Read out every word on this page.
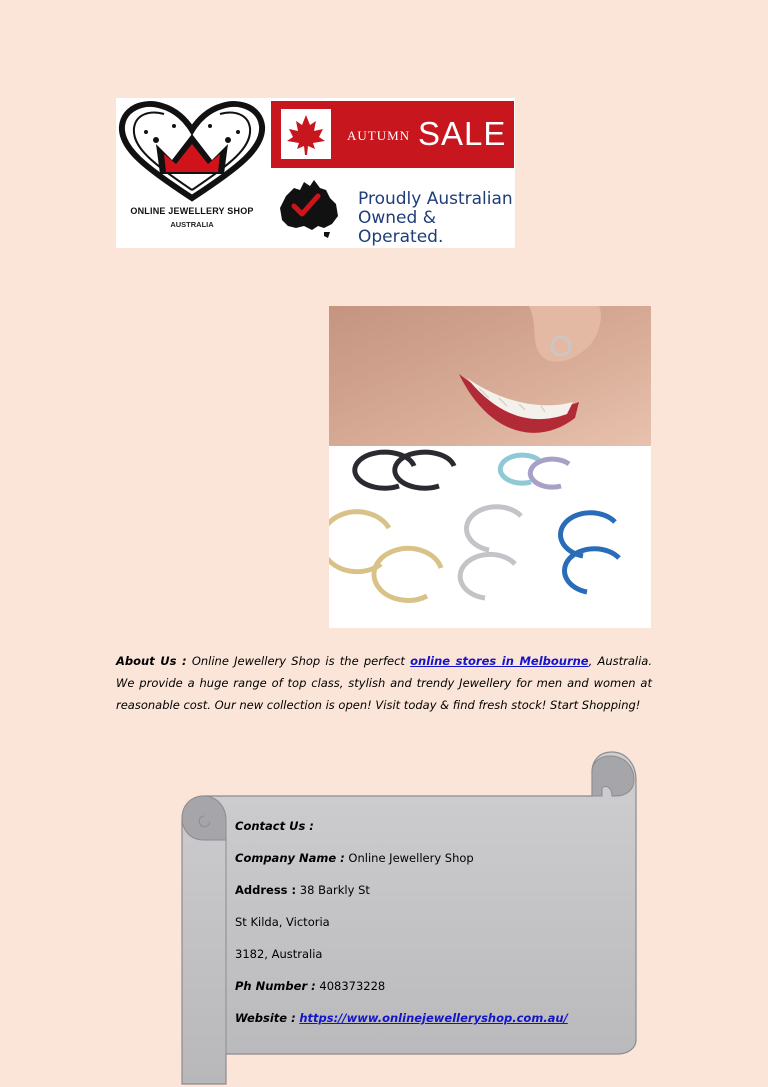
ONLINE JEWELLERY SHOP
AUSTRALIA
AUTUMN SALE
Proudly Australian
Owned & Operated.

About Us : Online Jewellery Shop is the perfect online stores in Melbourne, Australia. We provide a huge range of top class, stylish and trendy Jewellery for men and women at reasonable cost. Our new collection is open! Visit today & find fresh stock! Start Shopping!

Contact Us :
Company Name : Online Jewellery Shop
Address : 38 Barkly St
St Kilda, Victoria
3182, Australia
Ph Number : 408373228
Website : https://www.onlinejewelleryshop.com.au/
